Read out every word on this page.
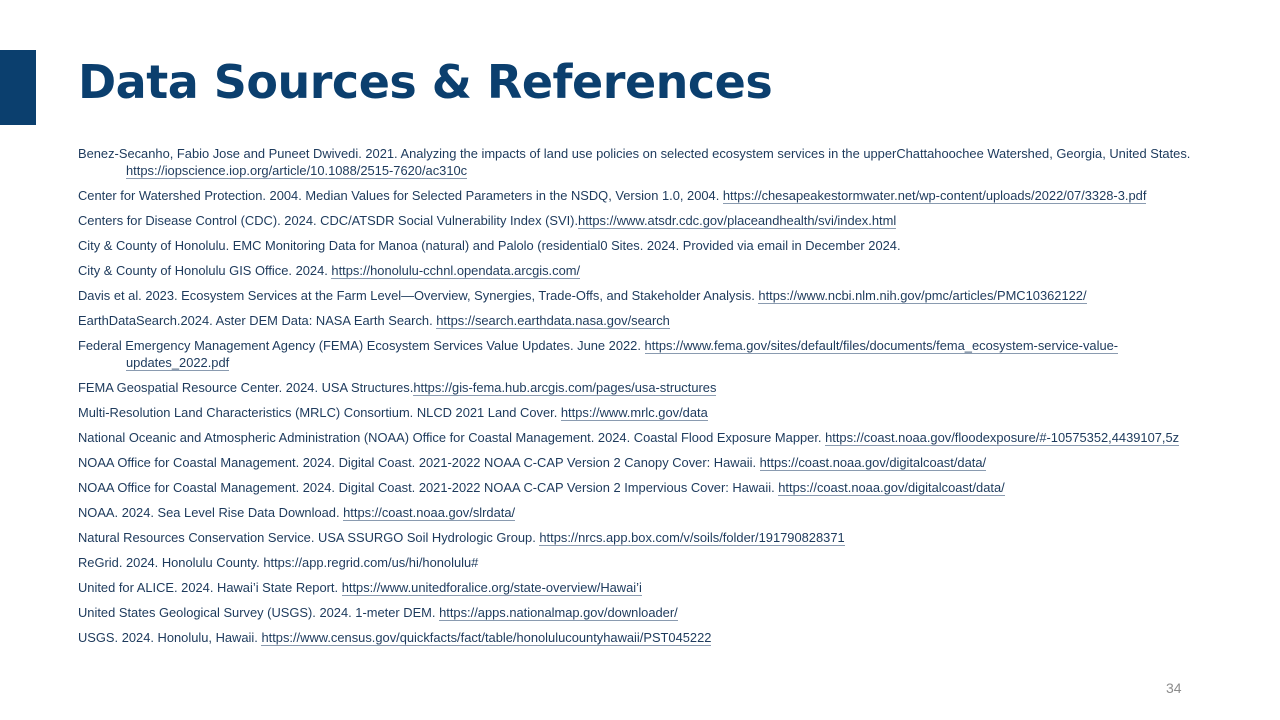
Data Sources & References
Benez-Secanho, Fabio Jose and Puneet Dwivedi. 2021. Analyzing the impacts of land use policies on selected ecosystem services in the upperChattahoochee Watershed, Georgia, United States. https://iopscience.iop.org/article/10.1088/2515-7620/ac310c
Center for Watershed Protection. 2004. Median Values for Selected Parameters in the NSDQ, Version 1.0, 2004. https://chesapeakestormwater.net/wp-content/uploads/2022/07/3328-3.pdf
Centers for Disease Control (CDC). 2024. CDC/ATSDR Social Vulnerability Index (SVI).https://www.atsdr.cdc.gov/placeandhealth/svi/index.html
City & County of Honolulu. EMC Monitoring Data for Manoa (natural) and Palolo (residential0 Sites. 2024. Provided via email in December 2024.
City & County of Honolulu GIS Office. 2024. https://honolulu-cchnl.opendata.arcgis.com/
Davis et al. 2023. Ecosystem Services at the Farm Level—Overview, Synergies, Trade-Offs, and Stakeholder Analysis. https://www.ncbi.nlm.nih.gov/pmc/articles/PMC10362122/
EarthDataSearch.2024. Aster DEM Data: NASA Earth Search. https://search.earthdata.nasa.gov/search
Federal Emergency Management Agency (FEMA) Ecosystem Services Value Updates. June 2022. https://www.fema.gov/sites/default/files/documents/fema_ecosystem-service-value-updates_2022.pdf
FEMA Geospatial Resource Center. 2024. USA Structures.https://gis-fema.hub.arcgis.com/pages/usa-structures
Multi-Resolution Land Characteristics (MRLC) Consortium. NLCD 2021 Land Cover. https://www.mrlc.gov/data
National Oceanic and Atmospheric Administration (NOAA) Office for Coastal Management. 2024. Coastal Flood Exposure Mapper. https://coast.noaa.gov/floodexposure/#-10575352,4439107,5z
NOAA Office for Coastal Management. 2024. Digital Coast. 2021-2022 NOAA C-CAP Version 2 Canopy Cover: Hawaii. https://coast.noaa.gov/digitalcoast/data/
NOAA Office for Coastal Management. 2024. Digital Coast. 2021-2022 NOAA C-CAP Version 2 Impervious Cover: Hawaii. https://coast.noaa.gov/digitalcoast/data/
NOAA. 2024. Sea Level Rise Data Download. https://coast.noaa.gov/slrdata/
Natural Resources Conservation Service. USA SSURGO Soil Hydrologic Group. https://nrcs.app.box.com/v/soils/folder/191790828371
ReGrid. 2024. Honolulu County. https://app.regrid.com/us/hi/honolulu#
United for ALICE. 2024. Hawai’i State Report. https://www.unitedforalice.org/state-overview/Hawai’i
United States Geological Survey (USGS). 2024. 1-meter DEM. https://apps.nationalmap.gov/downloader/
USGS. 2024. Honolulu, Hawaii. https://www.census.gov/quickfacts/fact/table/honolulucountyhawaii/PST045222
34
